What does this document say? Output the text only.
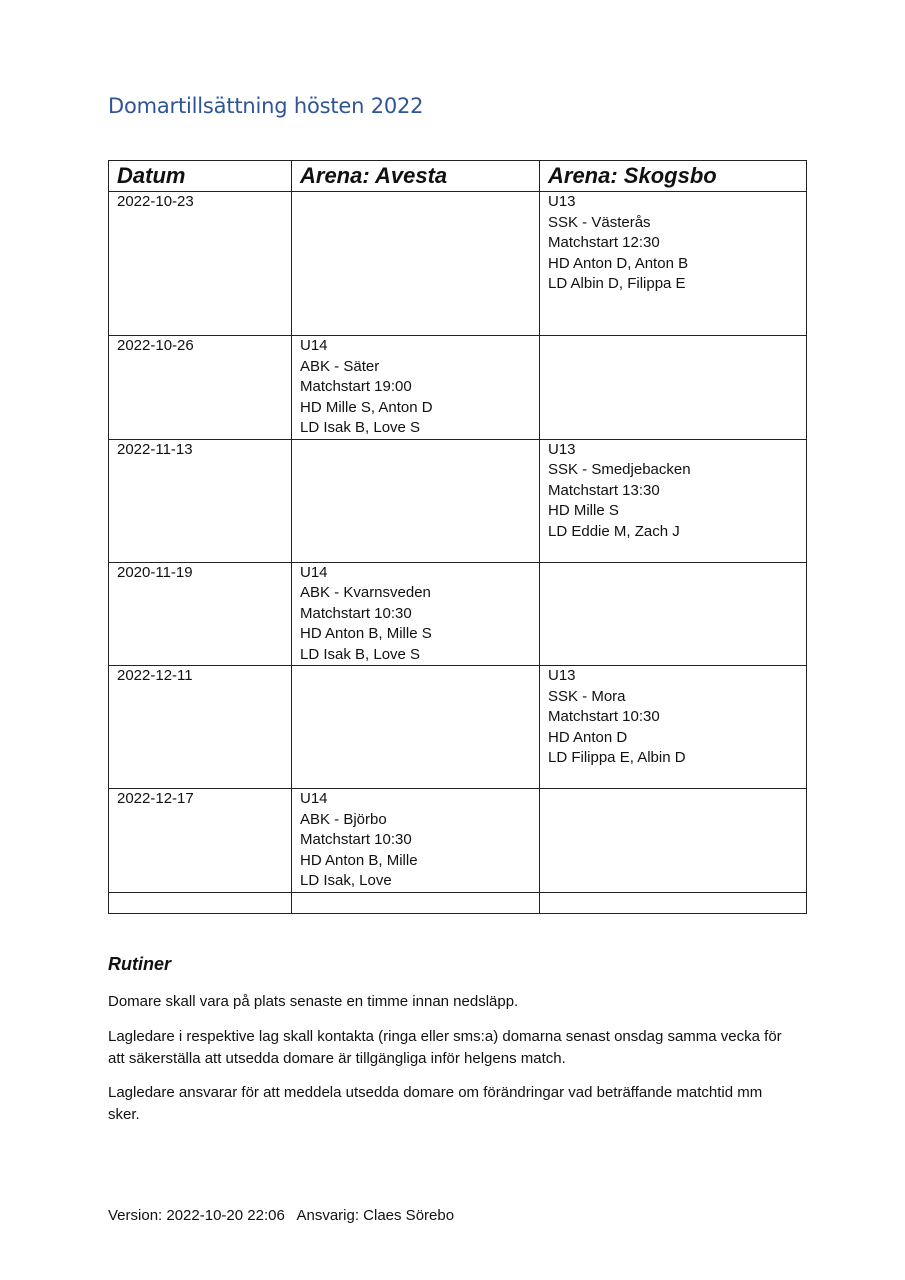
Domartillsättning hösten 2022
Datum	Arena: Avesta	Arena: Skogsbo
2022-10-23		U13
SSK - Västerås
Matchstart 12:30
HD Anton D, Anton B
LD Albin D, Filippa E

2022-10-26	U14
ABK - Säter
Matchstart 19:00
HD Mille S, Anton D
LD Isak B, Love S	

2022-11-13		U13
SSK - Smedjebacken
Matchstart 13:30
HD Mille S
LD Eddie M, Zach J

2020-11-19	U14
ABK - Kvarnsveden
Matchstart 10:30
HD Anton B, Mille S
LD Isak B, Love S	

2022-12-11		U13
SSK - Mora
Matchstart 10:30
HD Anton D
LD Filippa E, Albin D

2022-12-17	U14
ABK - Björbo
Matchstart 10:30
HD Anton B, Mille
LD Isak, Love	

Rutiner

Domare skall vara på plats senaste en timme innan nedsläpp.

Lagledare i respektive lag skall kontakta (ringa eller sms:a) domarna senast onsdag samma vecka för att säkerställa att utsedda domare är tillgängliga inför helgens match.

Lagledare ansvarar för att meddela utsedda domare om förändringar vad beträffande matchtid mm sker.

Version: 2022-10-20 22:06   Ansvarig: Claes Sörebo
